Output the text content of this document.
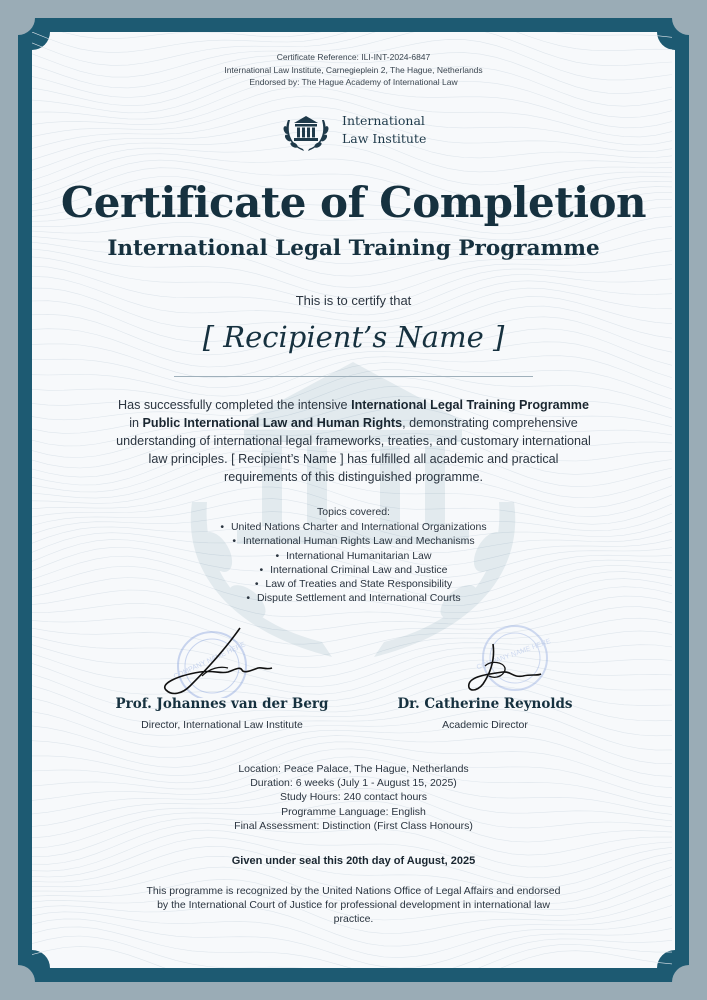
Certificate Reference: ILI-INT-2024-6847
International Law Institute, Carnegieplein 2, The Hague, Netherlands
Endorsed by: The Hague Academy of International Law
International
Law Institute
Certificate of Completion
International Legal Training Programme
This is to certify that
[ Recipient’s Name ]
Has successfully completed the intensive International Legal Training Programme in Public International Law and Human Rights, demonstrating comprehensive understanding of international legal frameworks, treaties, and customary international law principles. [ Recipient’s Name ] has fulfilled all academic and practical requirements of this distinguished programme.
Topics covered:
• United Nations Charter and International Organizations
• International Human Rights Law and Mechanisms
• International Humanitarian Law
• International Criminal Law and Justice
• Law of Treaties and State Responsibility
• Dispute Settlement and International Courts
COMPANY NAME HERE
Prof. Johannes van der Berg
Director, International Law Institute
COMPANY NAME HERE
Dr. Catherine Reynolds
Academic Director
Location: Peace Palace, The Hague, Netherlands
Duration: 6 weeks (July 1 - August 15, 2025)
Study Hours: 240 contact hours
Programme Language: English
Final Assessment: Distinction (First Class Honours)
Given under seal this 20th day of August, 2025
This programme is recognized by the United Nations Office of Legal Affairs and endorsed by the International Court of Justice for professional development in international law practice.
